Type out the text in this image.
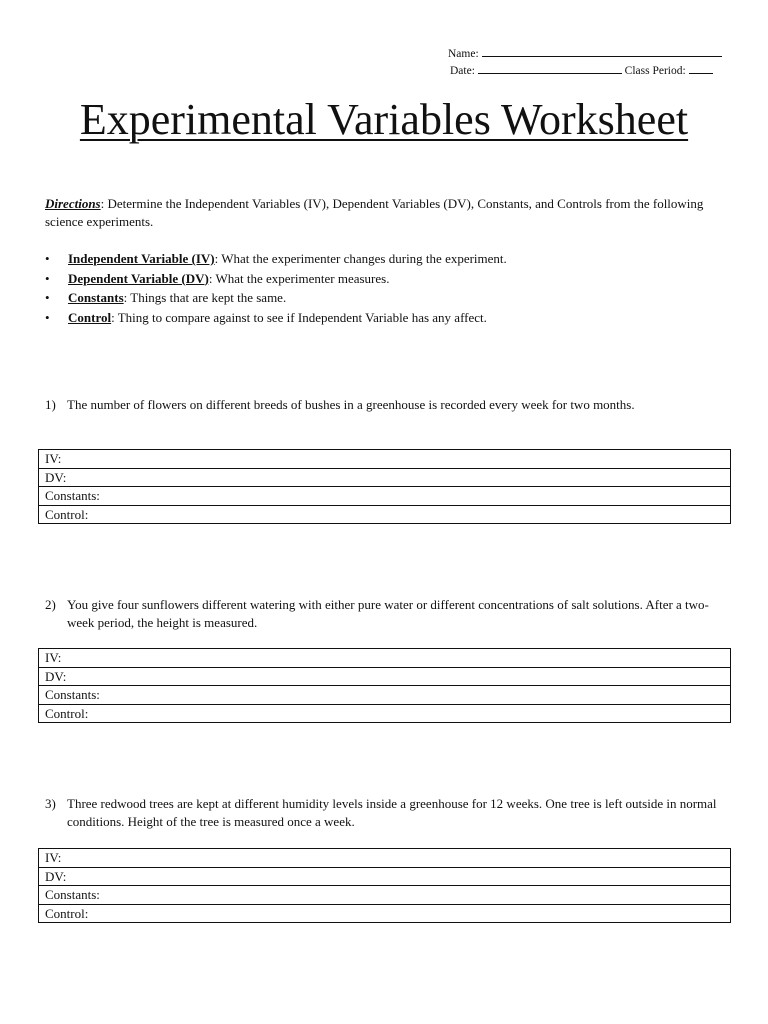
Name:
Date:	Class Period:
Experimental Variables Worksheet
Directions: Determine the Independent Variables (IV), Dependent Variables (DV), Constants, and Controls from the following science experiments.
• Independent Variable (IV): What the experimenter changes during the experiment.
• Dependent Variable (DV): What the experimenter measures.
• Constants: Things that are kept the same.
• Control: Thing to compare against to see if Independent Variable has any affect.
1) The number of flowers on different breeds of bushes in a greenhouse is recorded every week for two months.
IV:
DV:
Constants:
Control:
2) You give four sunflowers different watering with either pure water or different concentrations of salt solutions. After a two-week period, the height is measured.
IV:
DV:
Constants:
Control:
3) Three redwood trees are kept at different humidity levels inside a greenhouse for 12 weeks. One tree is left outside in normal conditions. Height of the tree is measured once a week.
IV:
DV:
Constants:
Control:
